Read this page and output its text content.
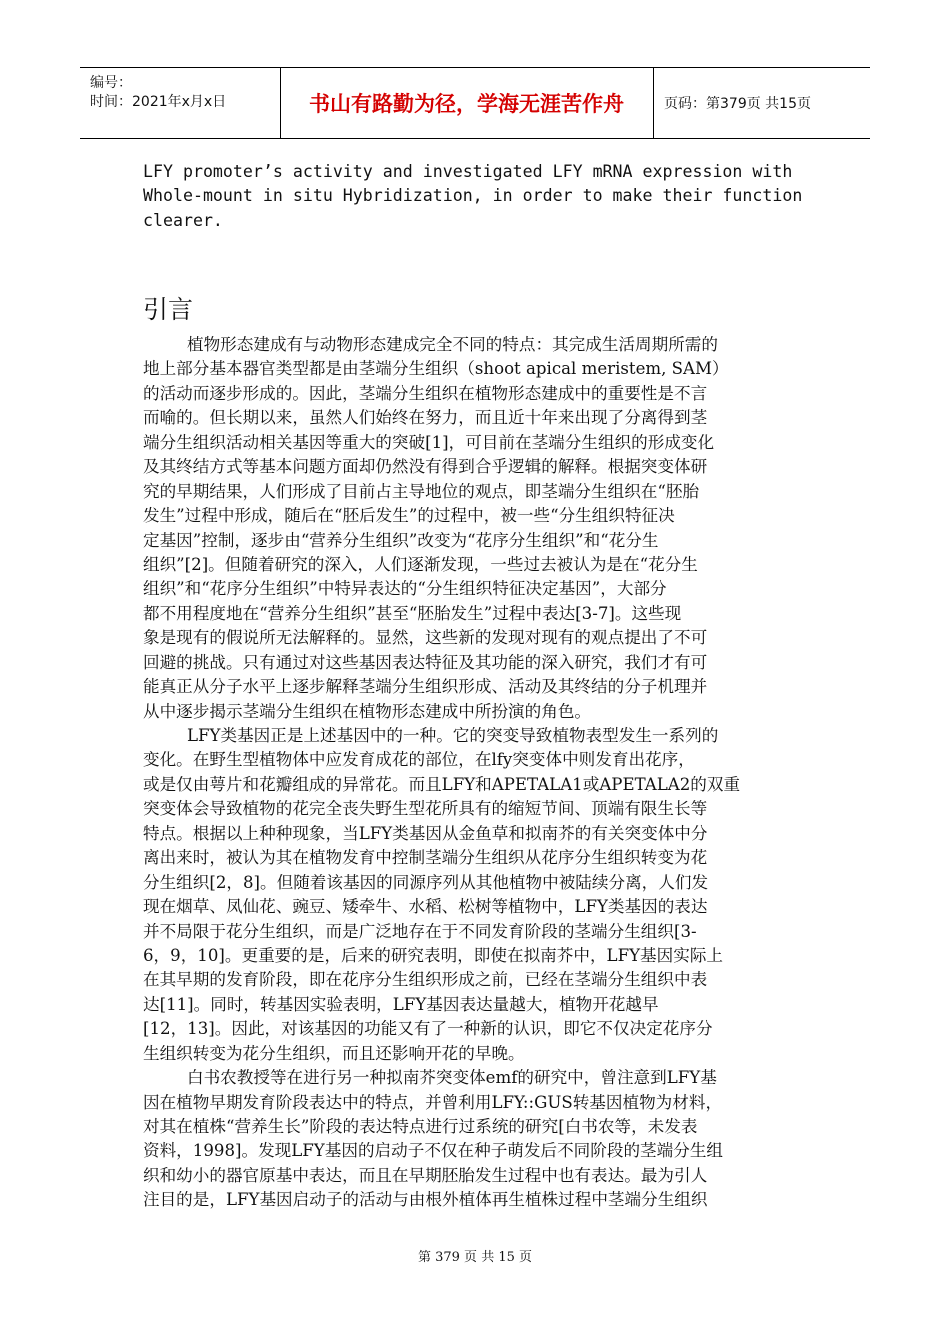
编号：
时间：2021年x月x日	书山有路勤为径，学海无涯苦作舟	页码：第379页 共15页
LFY promoter’s activity and investigated LFY mRNA expression with
Whole-mount in situ Hybridization, in order to make their function
clearer.
引言
植物形态建成有与动物形态建成完全不同的特点：其完成生活周期所需的
地上部分基本器官类型都是由茎端分生组织（shoot apical meristem, SAM）
的活动而逐步形成的。因此，茎端分生组织在植物形态建成中的重要性是不言
而喻的。但长期以来，虽然人们始终在努力，而且近十年来出现了分离得到茎
端分生组织活动相关基因等重大的突破[1]，可目前在茎端分生组织的形成变化
及其终结方式等基本问题方面却仍然没有得到合乎逻辑的解释。根据突变体研
究的早期结果，人们形成了目前占主导地位的观点，即茎端分生组织在“胚胎
发生”过程中形成，随后在“胚后发生”的过程中，被一些“分生组织特征决
定基因”控制，逐步由“营养分生组织”改变为“花序分生组织”和“花分生
组织”[2]。但随着研究的深入，人们逐渐发现，一些过去被认为是在“花分生
组织”和“花序分生组织”中特异表达的“分生组织特征决定基因”，大部分
都不用程度地在“营养分生组织”甚至“胚胎发生”过程中表达[3-7]。这些现
象是现有的假说所无法解释的。显然，这些新的发现对现有的观点提出了不可
回避的挑战。只有通过对这些基因表达特征及其功能的深入研究，我们才有可
能真正从分子水平上逐步解释茎端分生组织形成、活动及其终结的分子机理并
从中逐步揭示茎端分生组织在植物形态建成中所扮演的角色。
LFY类基因正是上述基因中的一种。它的突变导致植物表型发生一系列的
变化。在野生型植物体中应发育成花的部位，在lfy突变体中则发育出花序，
或是仅由萼片和花瓣组成的异常花。而且LFY和APETALA1或APETALA2的双重
突变体会导致植物的花完全丧失野生型花所具有的缩短节间、顶端有限生长等
特点。根据以上种种现象，当LFY类基因从金鱼草和拟南芥的有关突变体中分
离出来时，被认为其在植物发育中控制茎端分生组织从花序分生组织转变为花
分生组织[2，8]。但随着该基因的同源序列从其他植物中被陆续分离，人们发
现在烟草、凤仙花、豌豆、矮牵牛、水稻、松树等植物中，LFY类基因的表达
并不局限于花分生组织，而是广泛地存在于不同发育阶段的茎端分生组织[3-
6，9，10]。更重要的是，后来的研究表明，即使在拟南芥中，LFY基因实际上
在其早期的发育阶段，即在花序分生组织形成之前，已经在茎端分生组织中表
达[11]。同时，转基因实验表明，LFY基因表达量越大，植物开花越早
[12，13]。因此，对该基因的功能又有了一种新的认识，即它不仅决定花序分
生组织转变为花分生组织，而且还影响开花的早晚。
白书农教授等在进行另一种拟南芥突变体emf的研究中，曾注意到LFY基
因在植物早期发育阶段表达中的特点，并曾利用LFY::GUS转基因植物为材料，
对其在植株“营养生长”阶段的表达特点进行过系统的研究[白书农等，未发表
资料，1998]。发现LFY基因的启动子不仅在种子萌发后不同阶段的茎端分生组
织和幼小的器官原基中表达，而且在早期胚胎发生过程中也有表达。最为引人
注目的是，LFY基因启动子的活动与由根外植体再生植株过程中茎端分生组织
第 379 页 共 15 页
